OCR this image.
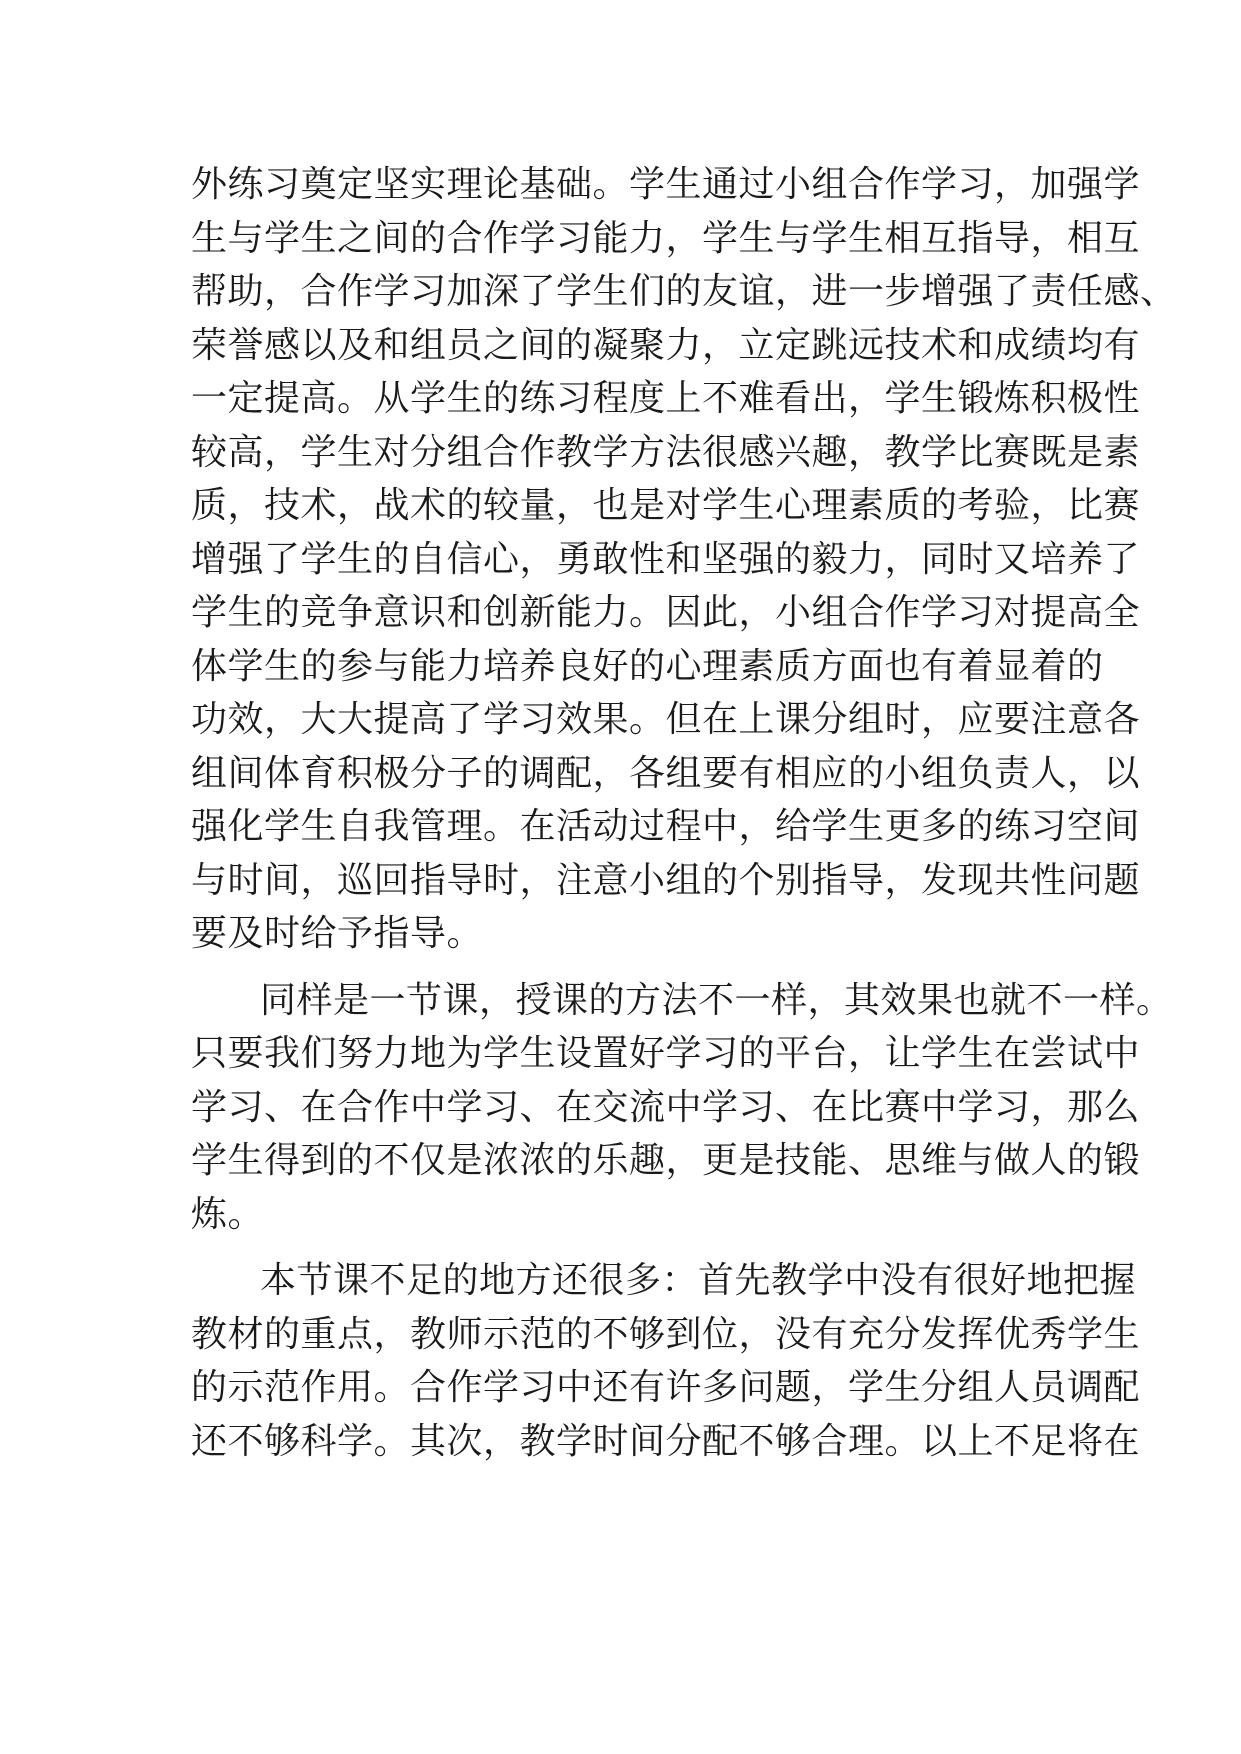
外练习奠定坚实理论基础。学生通过小组合作学习，加强学
生与学生之间的合作学习能力，学生与学生相互指导，相互
帮助，合作学习加深了学生们的友谊，进一步增强了责任感、
荣誉感以及和组员之间的凝聚力，立定跳远技术和成绩均有
一定提高。从学生的练习程度上不难看出，学生锻炼积极性
较高，学生对分组合作教学方法很感兴趣，教学比赛既是素
质，技术，战术的较量，也是对学生心理素质的考验，比赛
增强了学生的自信心，勇敢性和坚强的毅力，同时又培养了
学生的竞争意识和创新能力。因此，小组合作学习对提高全
体学生的参与能力培养良好的心理素质方面也有着显着的
功效，大大提高了学习效果。但在上课分组时，应要注意各
组间体育积极分子的调配，各组要有相应的小组负责人，以
强化学生自我管理。在活动过程中，给学生更多的练习空间
与时间，巡回指导时，注意小组的个别指导，发现共性问题
要及时给予指导。
同样是一节课，授课的方法不一样，其效果也就不一样。
只要我们努力地为学生设置好学习的平台，让学生在尝试中
学习、在合作中学习、在交流中学习、在比赛中学习，那么
学生得到的不仅是浓浓的乐趣，更是技能、思维与做人的锻
炼。
本节课不足的地方还很多：首先教学中没有很好地把握
教材的重点，教师示范的不够到位，没有充分发挥优秀学生
的示范作用。合作学习中还有许多问题，学生分组人员调配
还不够科学。其次，教学时间分配不够合理。以上不足将在
